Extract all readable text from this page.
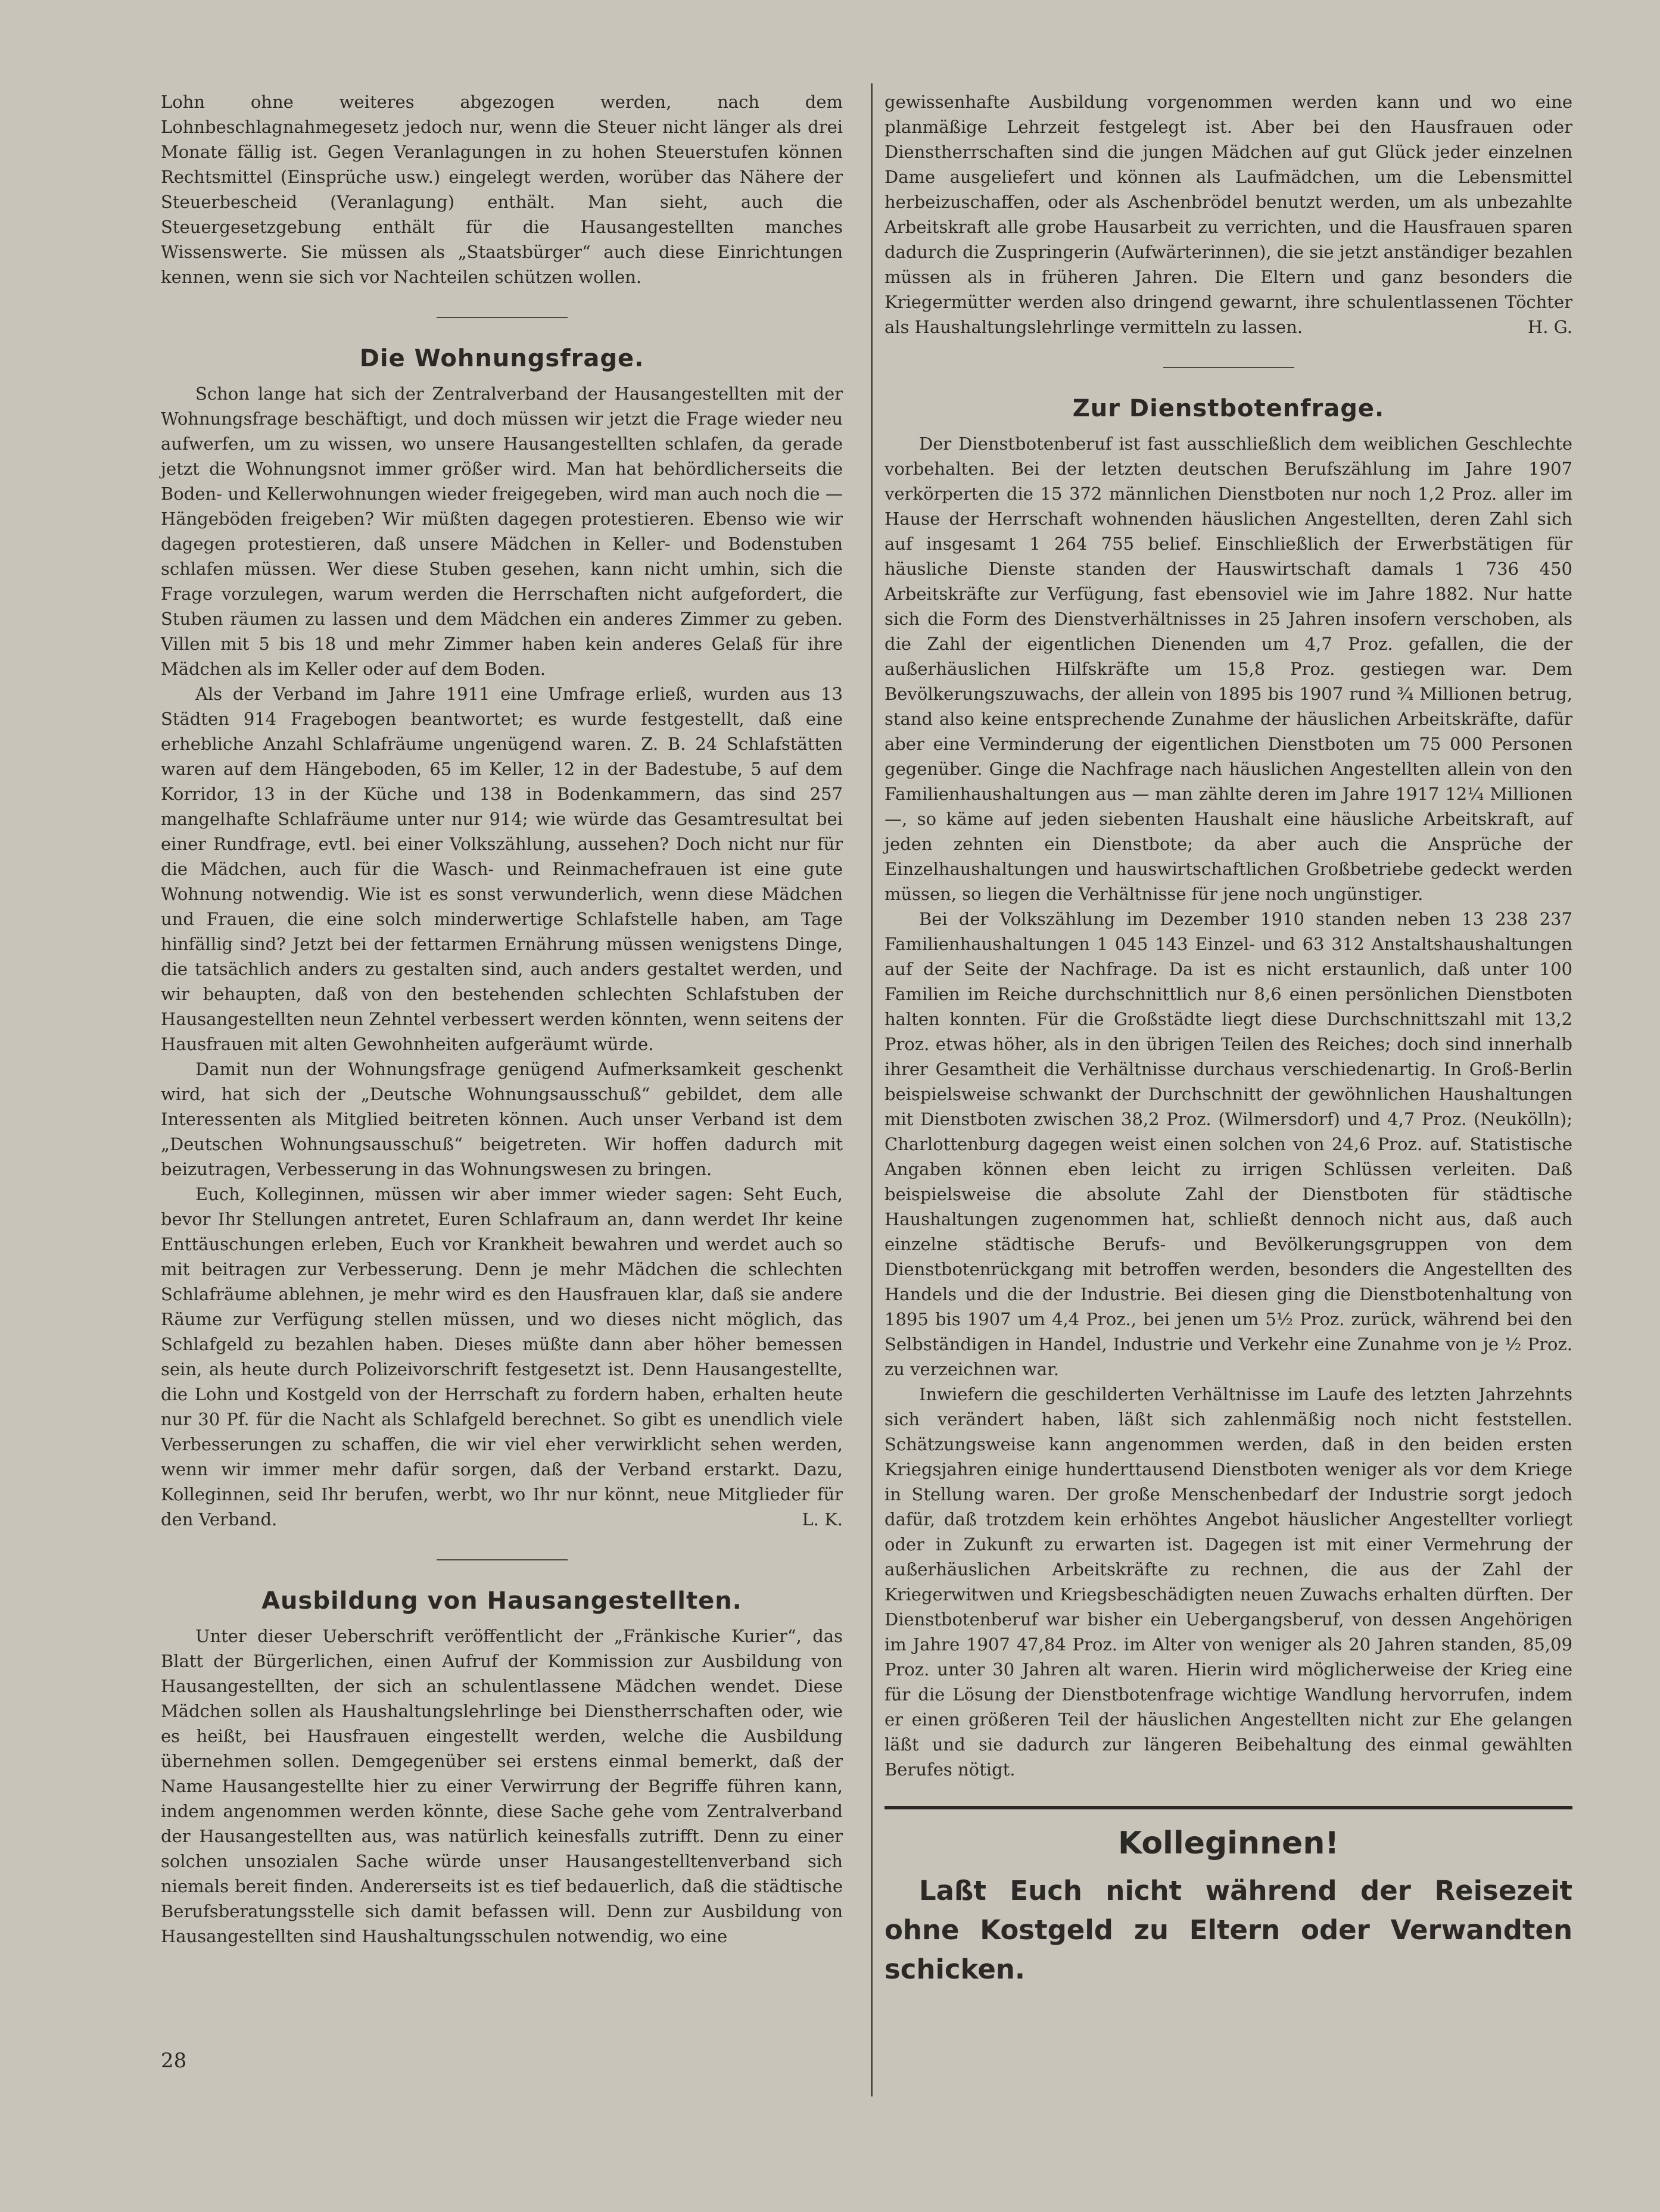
Lohn ohne weiteres abgezogen werden, nach dem Lohnbeschlagnahmegesetz jedoch nur, wenn die Steuer nicht länger als drei Monate fällig ist. Gegen Veranlagungen in zu hohen Steuerstufen können Rechtsmittel (Einsprüche usw.) eingelegt werden, worüber das Nähere der Steuerbescheid (Veranlagung) enthält. Man sieht, auch die Steuergesetzgebung enthält für die Hausangestellten manches Wissenswerte. Sie müssen als „Staatsbürger“ auch diese Einrichtungen kennen, wenn sie sich vor Nachteilen schützen wollen.

Die Wohnungsfrage.

Schon lange hat sich der Zentralverband der Hausangestellten mit der Wohnungsfrage beschäftigt, und doch müssen wir jetzt die Frage wieder neu aufwerfen, um zu wissen, wo unsere Hausangestellten schlafen, da gerade jetzt die Wohnungsnot immer größer wird. Man hat behördlicherseits die Boden- und Kellerwohnungen wieder freigegeben, wird man auch noch die — Hängeböden freigeben? Wir müßten dagegen protestieren. Ebenso wie wir dagegen protestieren, daß unsere Mädchen in Keller- und Bodenstuben schlafen müssen. Wer diese Stuben gesehen, kann nicht umhin, sich die Frage vorzulegen, warum werden die Herrschaften nicht aufgefordert, die Stuben räumen zu lassen und dem Mädchen ein anderes Zimmer zu geben. Villen mit 5 bis 18 und mehr Zimmer haben kein anderes Gelaß für ihre Mädchen als im Keller oder auf dem Boden.

Als der Verband im Jahre 1911 eine Umfrage erließ, wurden aus 13 Städten 914 Fragebogen beantwortet; es wurde festgestellt, daß eine erhebliche Anzahl Schlafräume ungenügend waren. Z. B. 24 Schlafstätten waren auf dem Hängeboden, 65 im Keller, 12 in der Badestube, 5 auf dem Korridor, 13 in der Küche und 138 in Bodenkammern, das sind 257 mangelhafte Schlafräume unter nur 914; wie würde das Gesamtresultat bei einer Rundfrage, evtl. bei einer Volkszählung, aussehen? Doch nicht nur für die Mädchen, auch für die Wasch- und Reinmachefrauen ist eine gute Wohnung notwendig. Wie ist es sonst verwunderlich, wenn diese Mädchen und Frauen, die eine solch minderwertige Schlafstelle haben, am Tage hinfällig sind? Jetzt bei der fettarmen Ernährung müssen wenigstens Dinge, die tatsächlich anders zu gestalten sind, auch anders gestaltet werden, und wir behaupten, daß von den bestehenden schlechten Schlafstuben der Hausangestellten neun Zehntel verbessert werden könnten, wenn seitens der Hausfrauen mit alten Gewohnheiten aufgeräumt würde.

Damit nun der Wohnungsfrage genügend Aufmerksamkeit geschenkt wird, hat sich der „Deutsche Wohnungsausschuß“ gebildet, dem alle Interessenten als Mitglied beitreten können. Auch unser Verband ist dem „Deutschen Wohnungsausschuß“ beigetreten. Wir hoffen dadurch mit beizutragen, Verbesserung in das Wohnungswesen zu bringen.

Euch, Kolleginnen, müssen wir aber immer wieder sagen: Seht Euch, bevor Ihr Stellungen antretet, Euren Schlafraum an, dann werdet Ihr keine Enttäuschungen erleben, Euch vor Krankheit bewahren und werdet auch so mit beitragen zur Verbesserung. Denn je mehr Mädchen die schlechten Schlafräume ablehnen, je mehr wird es den Hausfrauen klar, daß sie andere Räume zur Verfügung stellen müssen, und wo dieses nicht möglich, das Schlafgeld zu bezahlen haben. Dieses müßte dann aber höher bemessen sein, als heute durch Polizeivorschrift festgesetzt ist. Denn Hausangestellte, die Lohn und Kostgeld von der Herrschaft zu fordern haben, erhalten heute nur 30 Pf. für die Nacht als Schlafgeld berechnet. So gibt es unendlich viele Verbesserungen zu schaffen, die wir viel eher verwirklicht sehen werden, wenn wir immer mehr dafür sorgen, daß der Verband erstarkt. Dazu, Kolleginnen, seid Ihr berufen, werbt, wo Ihr nur könnt, neue Mitglieder für den Verband.	L. K.

Ausbildung von Hausangestellten.

Unter dieser Ueberschrift veröffentlicht der „Fränkische Kurier“, das Blatt der Bürgerlichen, einen Aufruf der Kommission zur Ausbildung von Hausangestellten, der sich an schulentlassene Mädchen wendet. Diese Mädchen sollen als Haushaltungslehrlinge bei Dienstherrschaften oder, wie es heißt, bei Hausfrauen eingestellt werden, welche die Ausbildung übernehmen sollen. Demgegenüber sei erstens einmal bemerkt, daß der Name Hausangestellte hier zu einer Verwirrung der Begriffe führen kann, indem angenommen werden könnte, diese Sache gehe vom Zentralverband der Hausangestellten aus, was natürlich keinesfalls zutrifft. Denn zu einer solchen unsozialen Sache würde unser Hausangestelltenverband sich niemals bereit finden. Andererseits ist es tief bedauerlich, daß die städtische Berufsberatungsstelle sich damit befassen will. Denn zur Ausbildung von Hausangestellten sind Haushaltungsschulen notwendig, wo eine

gewissenhafte Ausbildung vorgenommen werden kann und wo eine planmäßige Lehrzeit festgelegt ist. Aber bei den Hausfrauen oder Dienstherrschaften sind die jungen Mädchen auf gut Glück jeder einzelnen Dame ausgeliefert und können als Laufmädchen, um die Lebensmittel herbeizuschaffen, oder als Aschenbrödel benutzt werden, um als unbezahlte Arbeitskraft alle grobe Hausarbeit zu verrichten, und die Hausfrauen sparen dadurch die Zuspringerin (Aufwärterinnen), die sie jetzt anständiger bezahlen müssen als in früheren Jahren. Die Eltern und ganz besonders die Kriegermütter werden also dringend gewarnt, ihre schulentlassenen Töchter als Haushaltungslehrlinge vermitteln zu lassen.	H. G.

Zur Dienstbotenfrage.

Der Dienstbotenberuf ist fast ausschließlich dem weiblichen Geschlechte vorbehalten. Bei der letzten deutschen Berufszählung im Jahre 1907 verkörperten die 15 372 männlichen Dienstboten nur noch 1,2 Proz. aller im Hause der Herrschaft wohnenden häuslichen Angestellten, deren Zahl sich auf insgesamt 1 264 755 belief. Einschließlich der Erwerbstätigen für häusliche Dienste standen der Hauswirtschaft damals 1 736 450 Arbeitskräfte zur Verfügung, fast ebensoviel wie im Jahre 1882. Nur hatte sich die Form des Dienstverhältnisses in 25 Jahren insofern verschoben, als die Zahl der eigentlichen Dienenden um 4,7 Proz. gefallen, die der außerhäuslichen Hilfskräfte um 15,8 Proz. gestiegen war. Dem Bevölkerungszuwachs, der allein von 1895 bis 1907 rund ¾ Millionen betrug, stand also keine entsprechende Zunahme der häuslichen Arbeitskräfte, dafür aber eine Verminderung der eigentlichen Dienstboten um 75 000 Personen gegenüber. Ginge die Nachfrage nach häuslichen Angestellten allein von den Familienhaushaltungen aus — man zählte deren im Jahre 1917 12¼ Millionen —, so käme auf jeden siebenten Haushalt eine häusliche Arbeitskraft, auf jeden zehnten ein Dienstbote; da aber auch die Ansprüche der Einzelhaushaltungen und hauswirtschaftlichen Großbetriebe gedeckt werden müssen, so liegen die Verhältnisse für jene noch ungünstiger.

Bei der Volkszählung im Dezember 1910 standen neben 13 238 237 Familienhaushaltungen 1 045 143 Einzel- und 63 312 Anstaltshaushaltungen auf der Seite der Nachfrage. Da ist es nicht erstaunlich, daß unter 100 Familien im Reiche durchschnittlich nur 8,6 einen persönlichen Dienstboten halten konnten. Für die Großstädte liegt diese Durchschnittszahl mit 13,2 Proz. etwas höher, als in den übrigen Teilen des Reiches; doch sind innerhalb ihrer Gesamtheit die Verhältnisse durchaus verschiedenartig. In Groß-Berlin beispielsweise schwankt der Durchschnitt der gewöhnlichen Haushaltungen mit Dienstboten zwischen 38,2 Proz. (Wilmersdorf) und 4,7 Proz. (Neukölln); Charlottenburg dagegen weist einen solchen von 24,6 Proz. auf. Statistische Angaben können eben leicht zu irrigen Schlüssen verleiten. Daß beispielsweise die absolute Zahl der Dienstboten für städtische Haushaltungen zugenommen hat, schließt dennoch nicht aus, daß auch einzelne städtische Berufs- und Bevölkerungsgruppen von dem Dienstbotenrückgang mit betroffen werden, besonders die Angestellten des Handels und die der Industrie. Bei diesen ging die Dienstbotenhaltung von 1895 bis 1907 um 4,4 Proz., bei jenen um 5½ Proz. zurück, während bei den Selbständigen in Handel, Industrie und Verkehr eine Zunahme von je ½ Proz. zu verzeichnen war.

Inwiefern die geschilderten Verhältnisse im Laufe des letzten Jahrzehnts sich verändert haben, läßt sich zahlenmäßig noch nicht feststellen. Schätzungsweise kann angenommen werden, daß in den beiden ersten Kriegsjahren einige hunderttausend Dienstboten weniger als vor dem Kriege in Stellung waren. Der große Menschenbedarf der Industrie sorgt jedoch dafür, daß trotzdem kein erhöhtes Angebot häuslicher Angestellter vorliegt oder in Zukunft zu erwarten ist. Dagegen ist mit einer Vermehrung der außerhäuslichen Arbeitskräfte zu rechnen, die aus der Zahl der Kriegerwitwen und Kriegsbeschädigten neuen Zuwachs erhalten dürften. Der Dienstbotenberuf war bisher ein Uebergangsberuf, von dessen Angehörigen im Jahre 1907 47,84 Proz. im Alter von weniger als 20 Jahren standen, 85,09 Proz. unter 30 Jahren alt waren. Hierin wird möglicherweise der Krieg eine für die Lösung der Dienstbotenfrage wichtige Wandlung hervorrufen, indem er einen größeren Teil der häuslichen Angestellten nicht zur Ehe gelangen läßt und sie dadurch zur längeren Beibehaltung des einmal gewählten Berufes nötigt.

Kolleginnen!

Laßt Euch nicht während der Reisezeit ohne Kostgeld zu Eltern oder Verwandten schicken.

28
